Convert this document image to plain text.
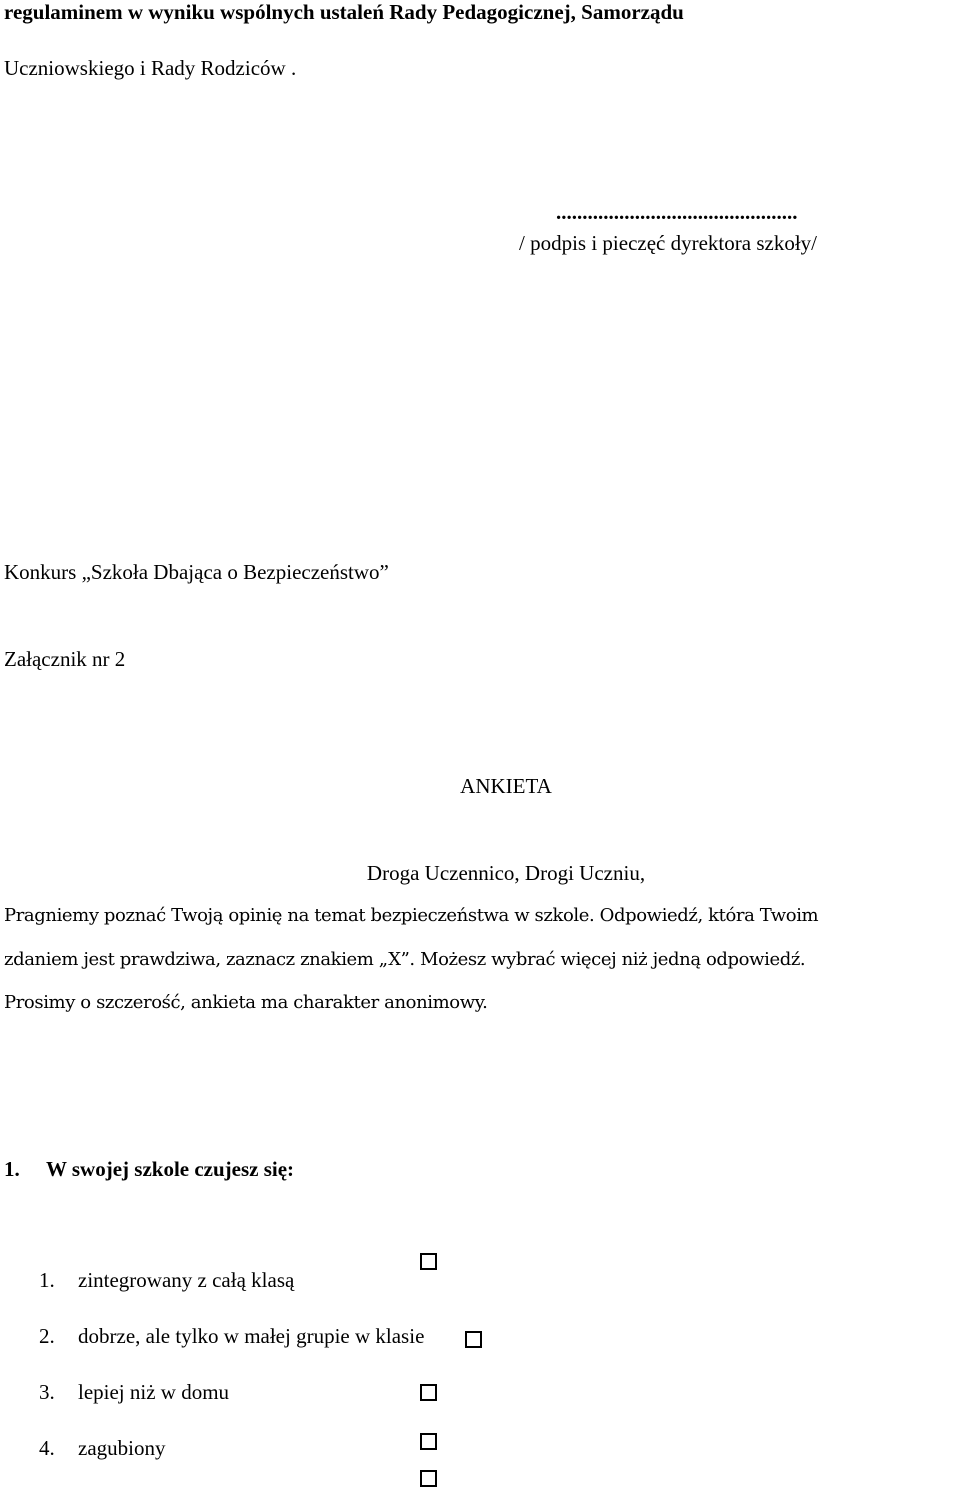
regulaminem w wyniku wspólnych ustaleń Rady Pedagogicznej, Samorządu
Uczniowskiego i Rady Rodziców .
..............................................
/ podpis i pieczęć dyrektora szkoły/
Konkurs „Szkoła Dbająca o Bezpieczeństwo”
Załącznik nr 2
ANKIETA
Droga Uczennico, Drogi Uczniu,
Pragniemy poznać Twoją opinię na temat bezpieczeństwa w szkole. Odpowiedź, która Twoim
zdaniem jest prawdziwa, zaznacz znakiem „X”. Możesz wybrać więcej niż jedną odpowiedź.
Prosimy o szczerość, ankieta ma charakter anonimowy.
1. W swojej szkole czujesz się:
1. zintegrowany z całą klasą
2. dobrze, ale tylko w małej grupie w klasie
3. lepiej niż w domu
4. zagubiony
